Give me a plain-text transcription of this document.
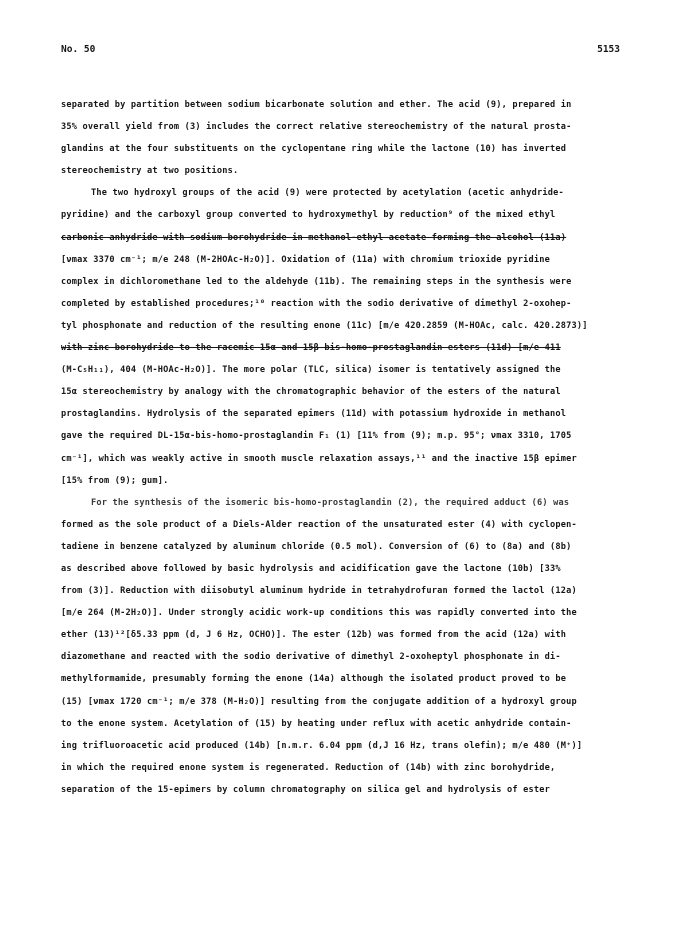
No. 50	5153
separated by partition between sodium bicarbonate solution and ether. The acid (9), prepared in
35% overall yield from (3) includes the correct relative stereochemistry of the natural prosta-
glandins at the four substituents on the cyclopentane ring while the lactone (10) has inverted
stereochemistry at two positions.
The two hydroxyl groups of the acid (9) were protected by acetylation (acetic anhydride-
pyridine) and the carboxyl group converted to hydroxymethyl by reduction⁹ of the mixed ethyl
carbonic anhydride with sodium borohydride in methanol-ethyl acetate forming the alcohol (11a)
[νmax 3370 cm⁻¹; m/e 248 (M-2HOAc-H₂O)]. Oxidation of (11a) with chromium trioxide pyridine
complex in dichloromethane led to the aldehyde (11b). The remaining steps in the synthesis were
completed by established procedures;¹⁰ reaction with the sodio derivative of dimethyl 2-oxohep-
tyl phosphonate and reduction of the resulting enone (11c) [m/e 420.2859 (M-HOAc, calc. 420.2873)]
with zinc borohydride to the racemic 15α and 15β bis-homo-prostaglandin esters (11d) [m/e 411
(M-C₅H₁₁), 404 (M-HOAc-H₂O)]. The more polar (TLC, silica) isomer is tentatively assigned the
15α stereochemistry by analogy with the chromatographic behavior of the esters of the natural
prostaglandins. Hydrolysis of the separated epimers (11d) with potassium hydroxide in methanol
gave the required DL-15α-bis-homo-prostaglandin F₁ (1) [11% from (9); m.p. 95°; νmax 3310, 1705
cm⁻¹], which was weakly active in smooth muscle relaxation assays,¹¹ and the inactive 15β epimer
[15% from (9); gum].
For the synthesis of the isomeric bis-homo-prostaglandin (2), the required adduct (6) was
formed as the sole product of a Diels-Alder reaction of the unsaturated ester (4) with cyclopen-
tadiene in benzene catalyzed by aluminum chloride (0.5 mol). Conversion of (6) to (8a) and (8b)
as described above followed by basic hydrolysis and acidification gave the lactone (10b) [33%
from (3)]. Reduction with diisobutyl aluminum hydride in tetrahydrofuran formed the lactol (12a)
[m/e 264 (M-2H₂O)]. Under strongly acidic work-up conditions this was rapidly converted into the
ether (13)¹²[δ5.33 ppm (d, J 6 Hz, OCHO)]. The ester (12b) was formed from the acid (12a) with
diazomethane and reacted with the sodio derivative of dimethyl 2-oxoheptyl phosphonate in di-
methylformamide, presumably forming the enone (14a) although the isolated product proved to be
(15) [νmax 1720 cm⁻¹; m/e 378 (M-H₂O)] resulting from the conjugate addition of a hydroxyl group
to the enone system. Acetylation of (15) by heating under reflux with acetic anhydride contain-
ing trifluoroacetic acid produced (14b) [n.m.r. 6.04 ppm (d,J 16 Hz, trans olefin); m/e 480 (M⁺)]
in which the required enone system is regenerated. Reduction of (14b) with zinc borohydride,
separation of the 15-epimers by column chromatography on silica gel and hydrolysis of ester
